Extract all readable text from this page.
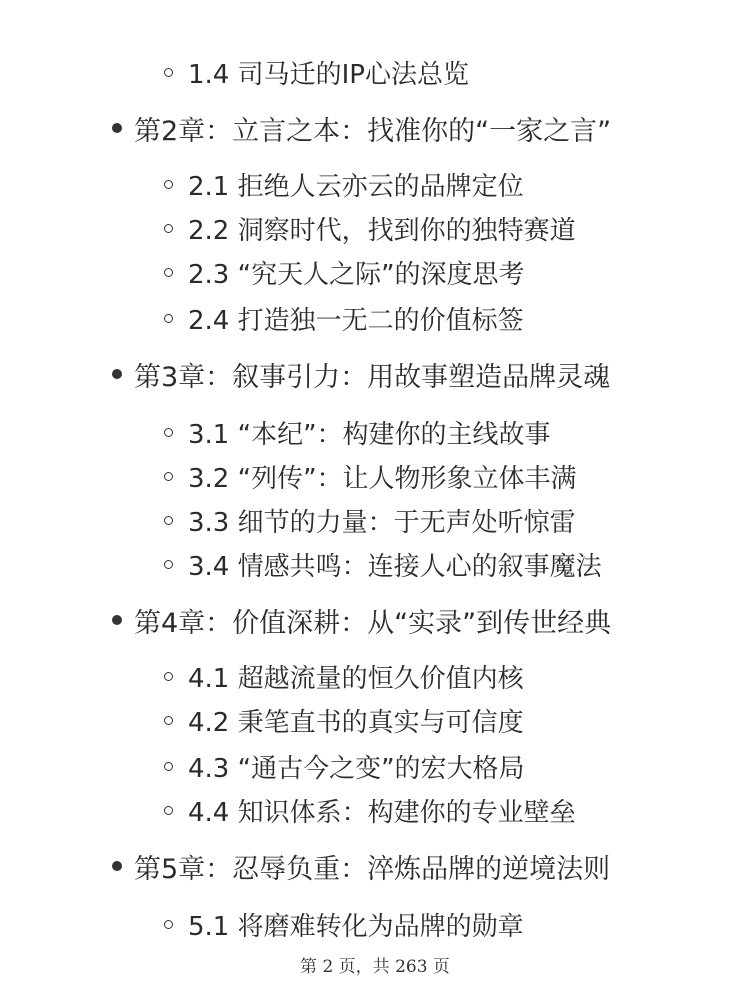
1.4 司马迁的IP心法总览
第2章：立言之本：找准你的“一家之言”
2.1 拒绝人云亦云的品牌定位
2.2 洞察时代，找到你的独特赛道
2.3 “究天人之际”的深度思考
2.4 打造独一无二的价值标签
第3章：叙事引力：用故事塑造品牌灵魂
3.1 “本纪”：构建你的主线故事
3.2 “列传”：让人物形象立体丰满
3.3 细节的力量：于无声处听惊雷
3.4 情感共鸣：连接人心的叙事魔法
第4章：价值深耕：从“实录”到传世经典
4.1 超越流量的恒久价值内核
4.2 秉笔直书的真实与可信度
4.3 “通古今之变”的宏大格局
4.4 知识体系：构建你的专业壁垒
第5章：忍辱负重：淬炼品牌的逆境法则
5.1 将磨难转化为品牌的勋章
第 2 页，共 263 页
